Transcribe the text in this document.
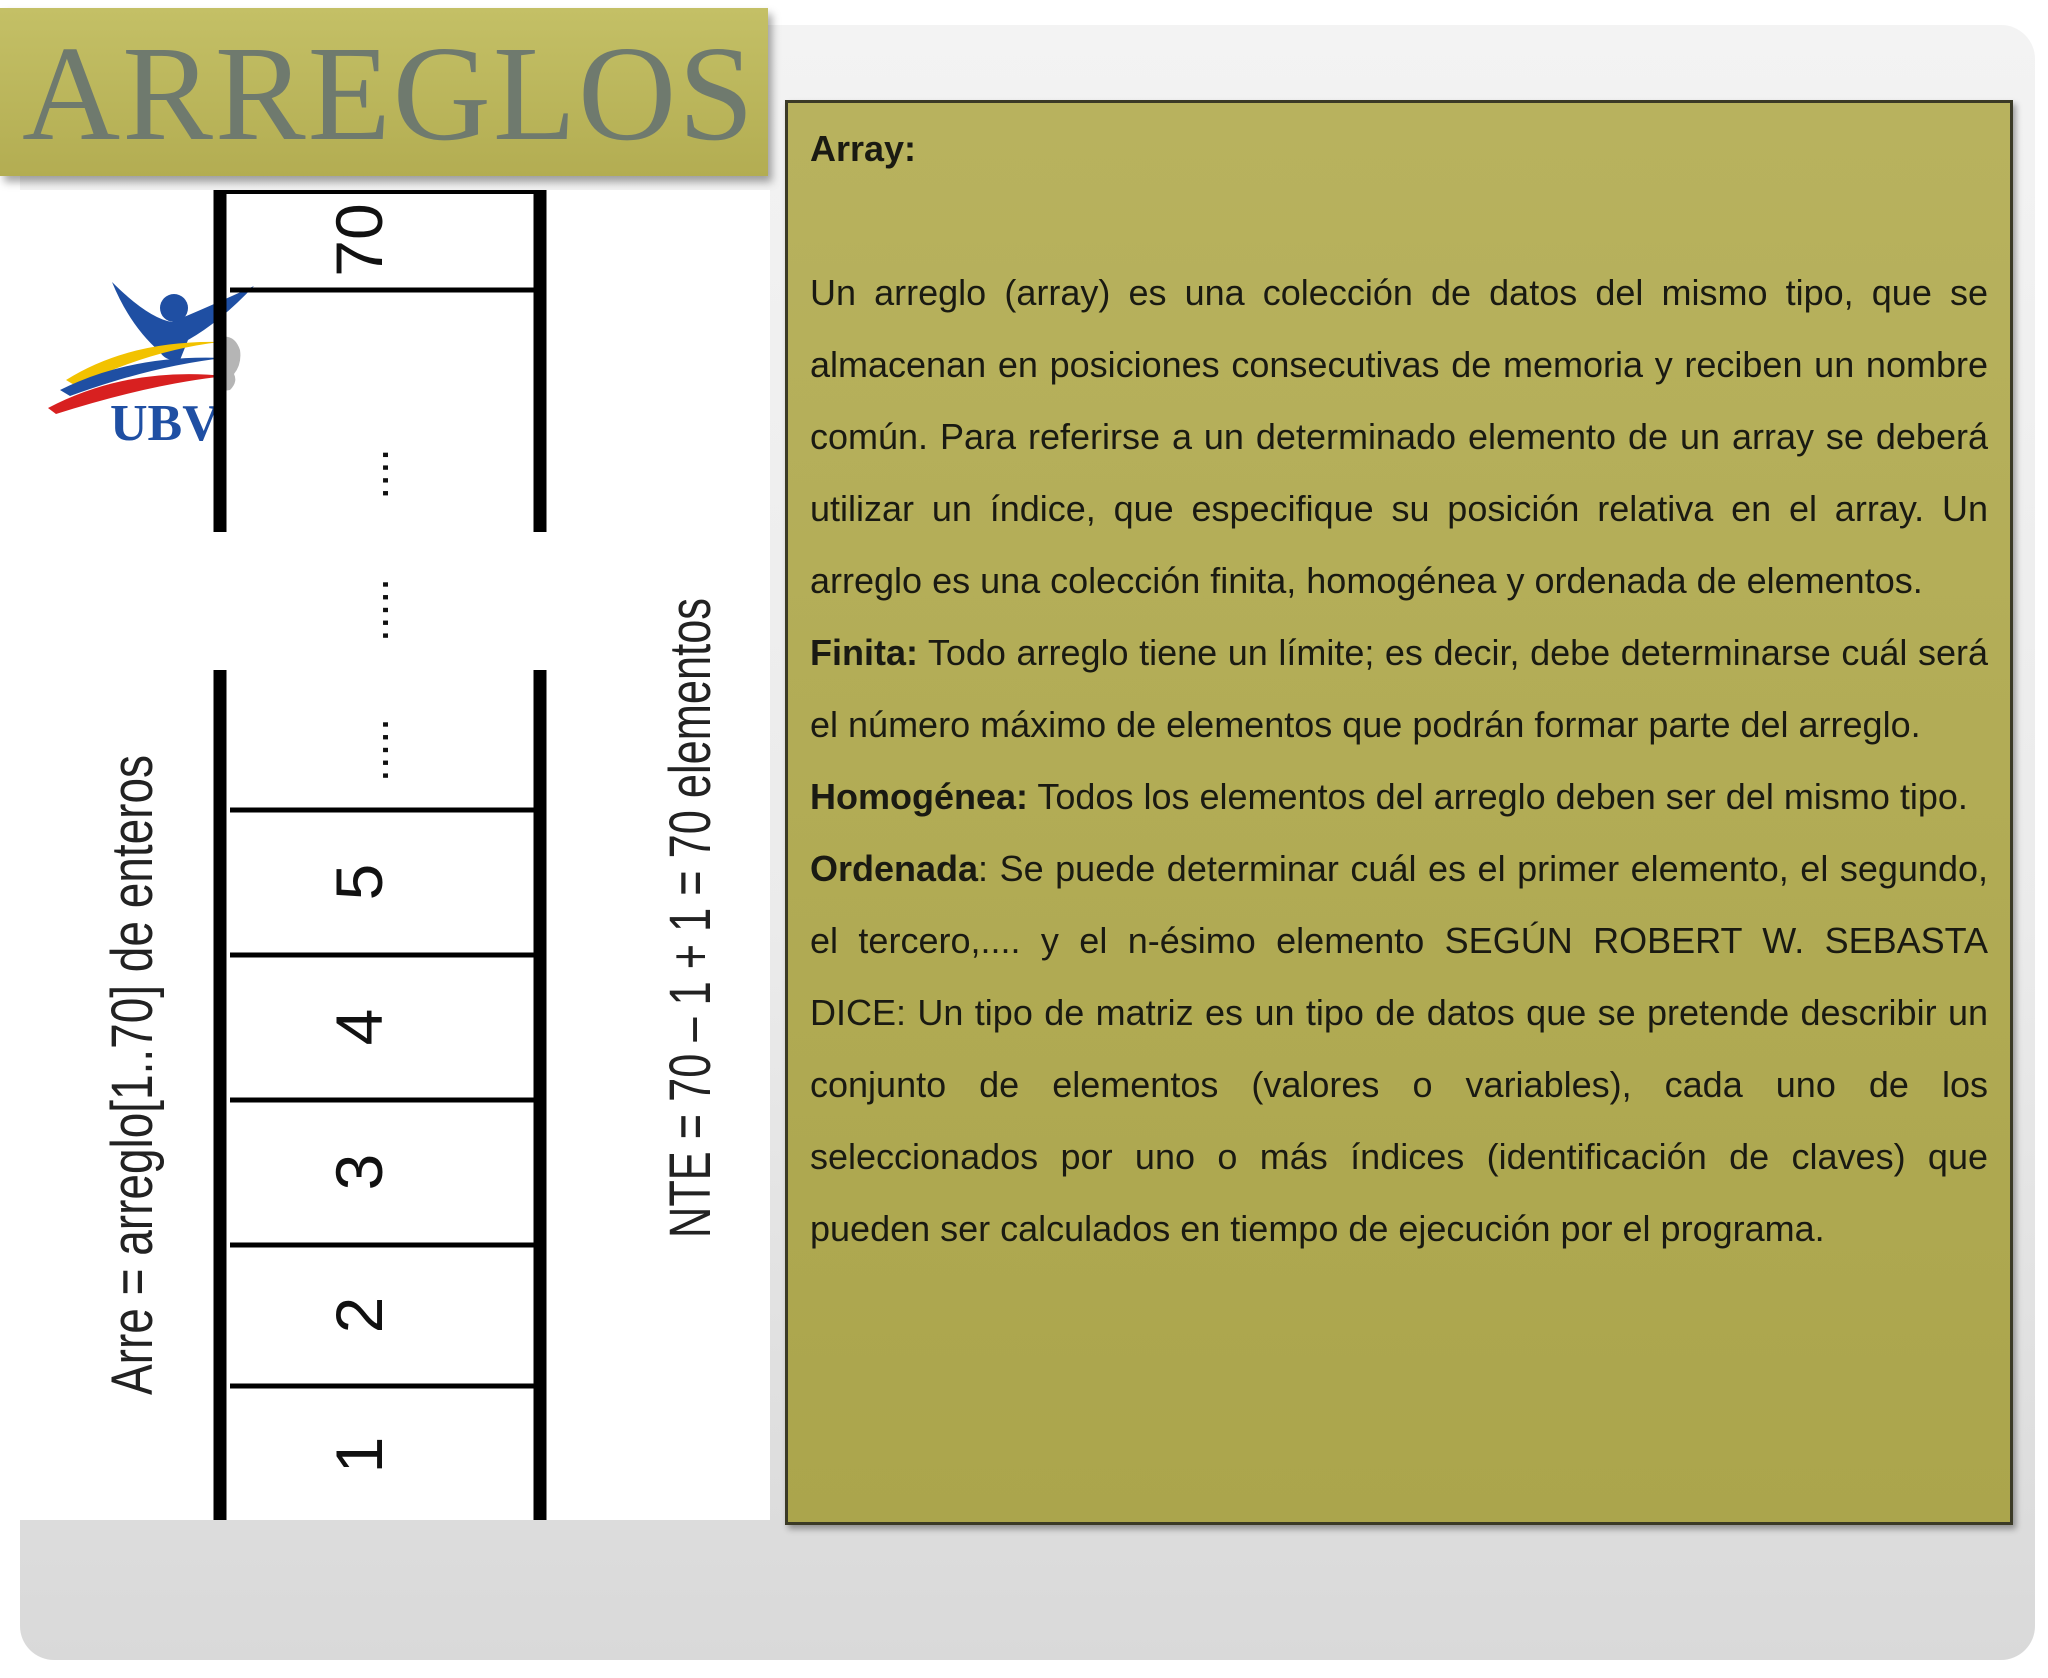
ARREGLOS
UBV
1
2
3
4
5
.....
.....
....
70
Arre = arreglo[1..70] de enteros	NTE = 70 – 1 + 1 = 70 elementos

Array:

Un arreglo (array) es una colección de datos del mismo tipo, que se almacenan en posiciones consecutivas de memoria y reciben un nombre común. Para referirse a un determinado elemento de un array se deberá utilizar un índice, que especifique su posición relativa en el array. Un arreglo es una colección finita, homogénea y ordenada de elementos.

Finita: Todo arreglo tiene un límite; es decir, debe determinarse cuál será el número máximo de elementos que podrán formar parte del arreglo.

Homogénea: Todos los elementos del arreglo deben ser del mismo tipo.

Ordenada: Se puede determinar cuál es el primer elemento, el segundo, el tercero,.... y el n-ésimo elemento SEGÚN ROBERT W. SEBASTA DICE: Un tipo de matriz es un tipo de datos que se pretende describir un conjunto de elementos (valores o variables), cada uno de los seleccionados por uno o más índices (identificación de claves) que pueden ser calculados en tiempo de ejecución por el programa.
